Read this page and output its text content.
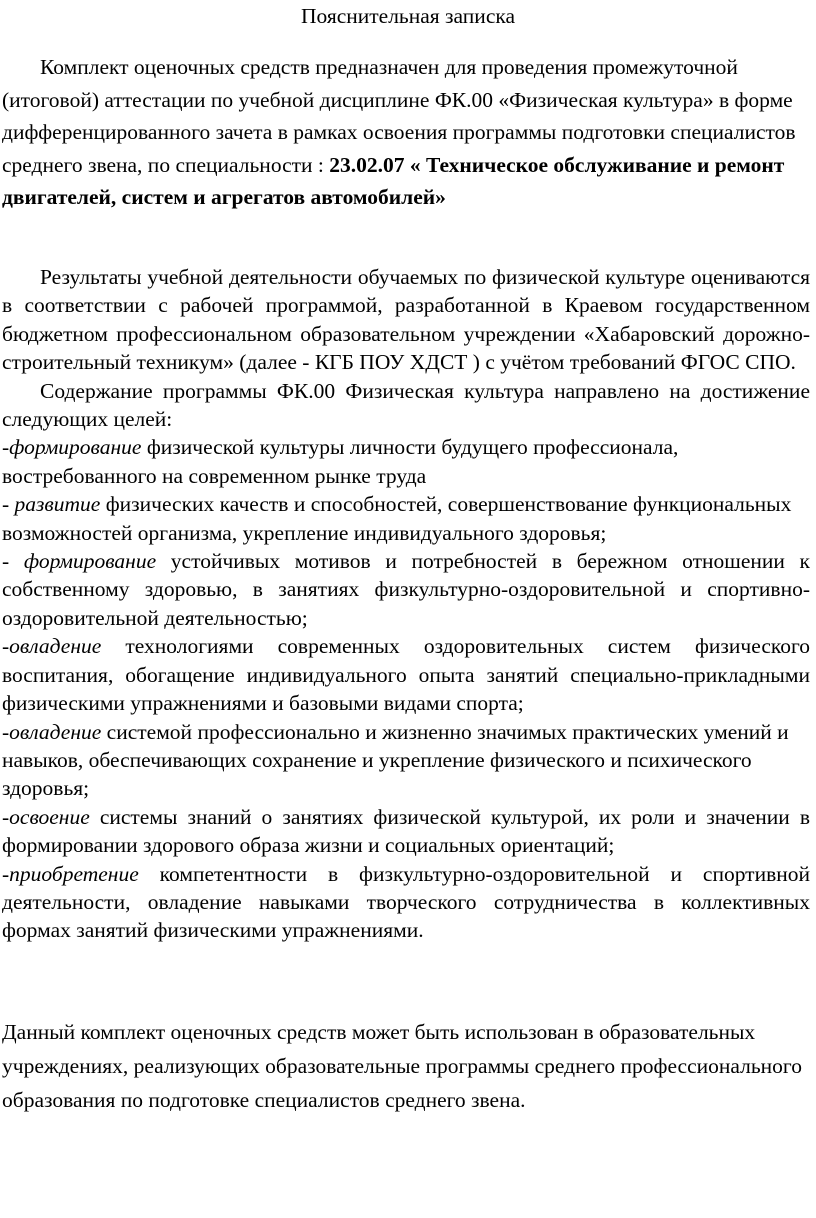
Пояснительная записка

Комплект оценочных средств предназначен для проведения промежуточной (итоговой) аттестации по учебной дисциплине ФК.00 «Физическая культура» в форме дифференцированного зачета в рамках освоения программы подготовки специалистов среднего звена, по специальности : 23.02.07 « Техническое обслуживание и ремонт двигателей, систем и агрегатов автомобилей»

Результаты учебной деятельности обучаемых по физической культуре оцениваются в соответствии с рабочей программой, разработанной в Краевом государственном бюджетном профессиональном образовательном учреждении «Хабаровский дорожно- строительный техникум» (далее - КГБ ПОУ ХДСТ ) с учётом требований ФГОС СПО.

Содержание программы ФК.00 Физическая культура направлено на достижение следующих целей:

-формирование физической культуры личности будущего профессионала, востребованного на современном рынке труда

- развитие физических качеств и способностей, совершенствование функциональных возможностей организма, укрепление индивидуального здоровья;

- формирование устойчивых мотивов и потребностей в бережном отношении к собственному здоровью, в занятиях физкультурно-оздоровительной и спортивно-оздоровительной деятельностью;

-овладение технологиями современных оздоровительных систем физического воспитания, обогащение индивидуального опыта занятий специально-прикладными физическими упражнениями и базовыми видами спорта;

-овладение системой профессионально и жизненно значимых практических умений и навыков, обеспечивающих сохранение и укрепление физического и психического здоровья;

-освоение системы знаний о занятиях физической культурой, их роли и значении в формировании здорового образа жизни и социальных ориентаций;

-приобретение компетентности в физкультурно-оздоровительной и спортивной деятельности, овладение навыками творческого сотрудничества в коллективных формах занятий физическими упражнениями.

Данный комплект оценочных средств может быть использован в образовательных учреждениях, реализующих образовательные программы среднего профессионального образования по подготовке специалистов среднего звена.
